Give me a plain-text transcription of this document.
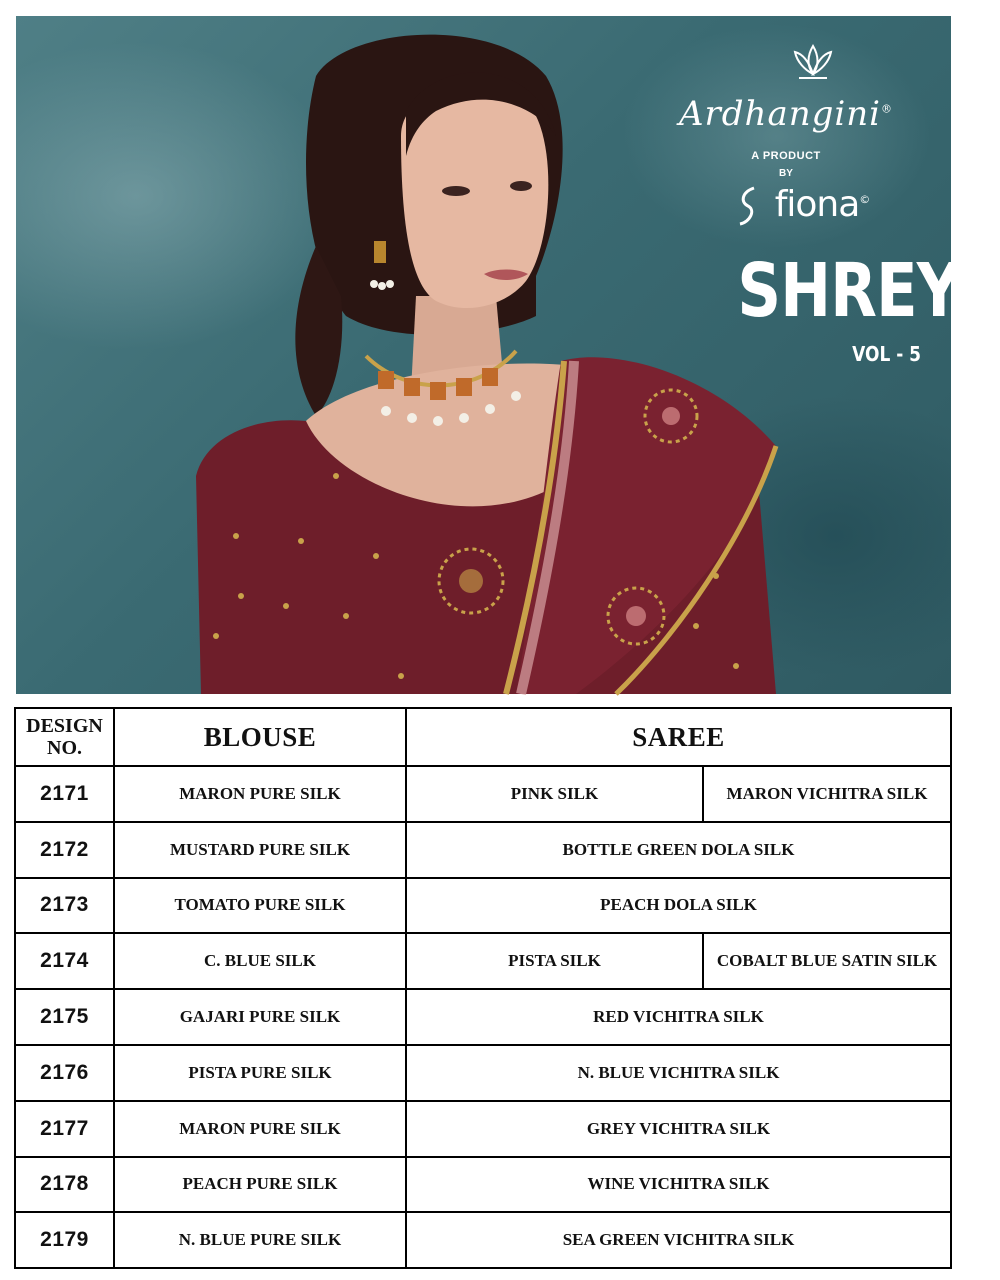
Ardhangini®
A PRODUCT
BY
fiona©
SHREYA
VOL - 5
DESIGN
NO.	BLOUSE	SAREE	
2171	MARON PURE SILK	PINK SILK	MARON VICHITRA SILK
2172	MUSTARD PURE SILK	BOTTLE GREEN DOLA SILK	
2173	TOMATO PURE SILK	PEACH DOLA SILK	
2174	C. BLUE SILK	PISTA SILK	COBALT BLUE SATIN SILK
2175	GAJARI PURE SILK	RED VICHITRA SILK	
2176	PISTA PURE SILK	N. BLUE VICHITRA SILK	
2177	MARON PURE SILK	GREY VICHITRA SILK	
2178	PEACH PURE SILK	WINE VICHITRA SILK	
2179	N. BLUE PURE SILK	SEA GREEN VICHITRA SILK	
